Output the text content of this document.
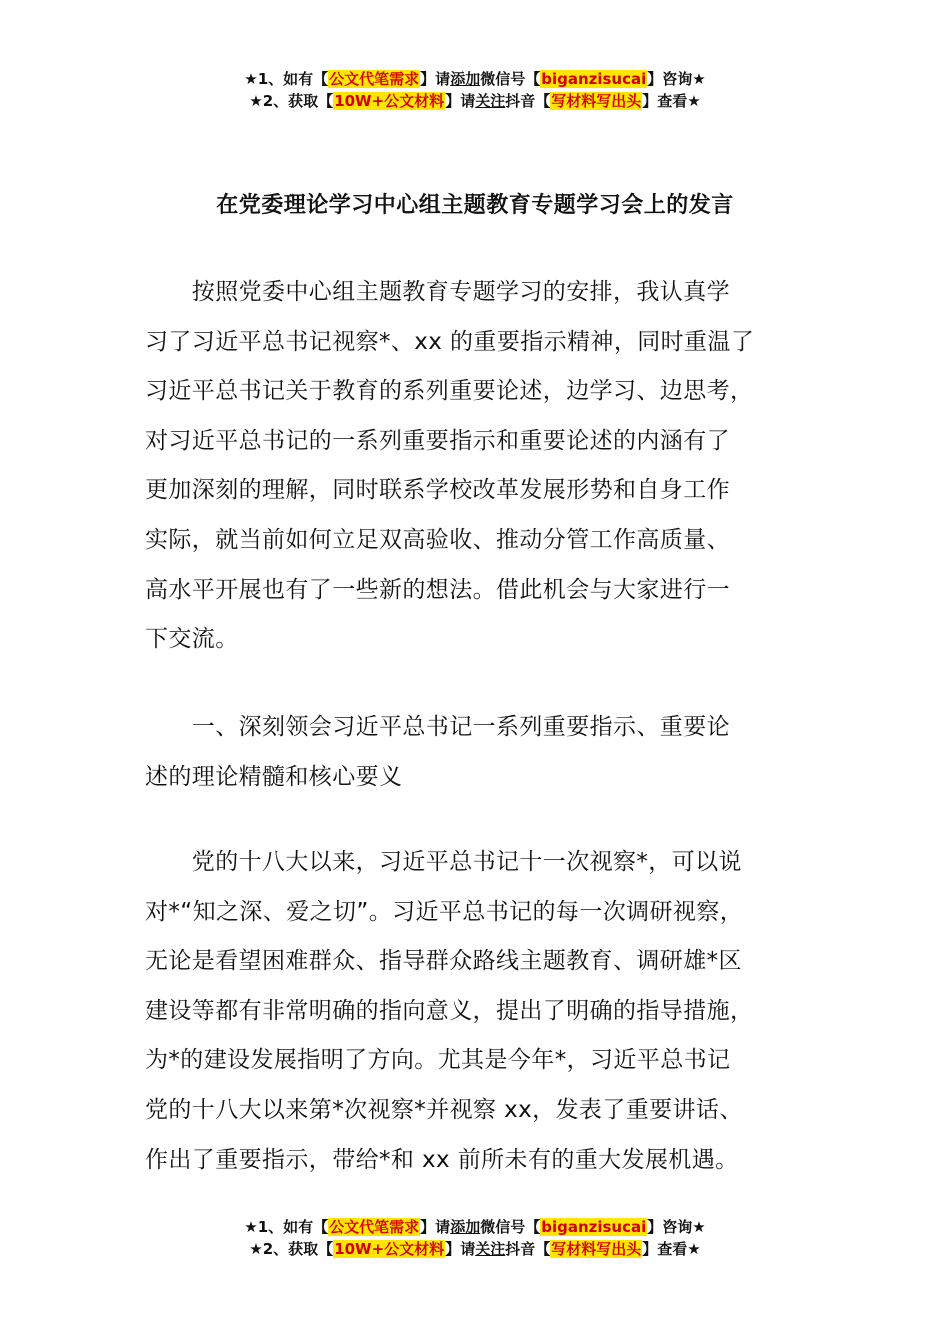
★1、如有【公文代笔需求】请添加微信号【biganzisucai】咨询★
★2、获取【10W+公文材料】请关注抖音【写材料写出头】查看★
在党委理论学习中心组主题教育专题学习会上的发言
　　按照党委中心组主题教育专题学习的安排，我认真学
习了习近平总书记视察*、xx 的重要指示精神，同时重温了
习近平总书记关于教育的系列重要论述，边学习、边思考，
对习近平总书记的一系列重要指示和重要论述的内涵有了
更加深刻的理解，同时联系学校改革发展形势和自身工作
实际，就当前如何立足双高验收、推动分管工作高质量、
高水平开展也有了一些新的想法。借此机会与大家进行一
下交流。
　　一、深刻领会习近平总书记一系列重要指示、重要论
述的理论精髓和核心要义
　　党的十八大以来，习近平总书记十一次视察*，可以说
对*“知之深、爱之切”。习近平总书记的每一次调研视察，
无论是看望困难群众、指导群众路线主题教育、调研雄*区
建设等都有非常明确的指向意义，提出了明确的指导措施，
为*的建设发展指明了方向。尤其是今年*，习近平总书记
党的十八大以来第*次视察*并视察 xx，发表了重要讲话、
作出了重要指示，带给*和 xx 前所未有的重大发展机遇。
★1、如有【公文代笔需求】请添加微信号【biganzisucai】咨询★
★2、获取【10W+公文材料】请关注抖音【写材料写出头】查看★
